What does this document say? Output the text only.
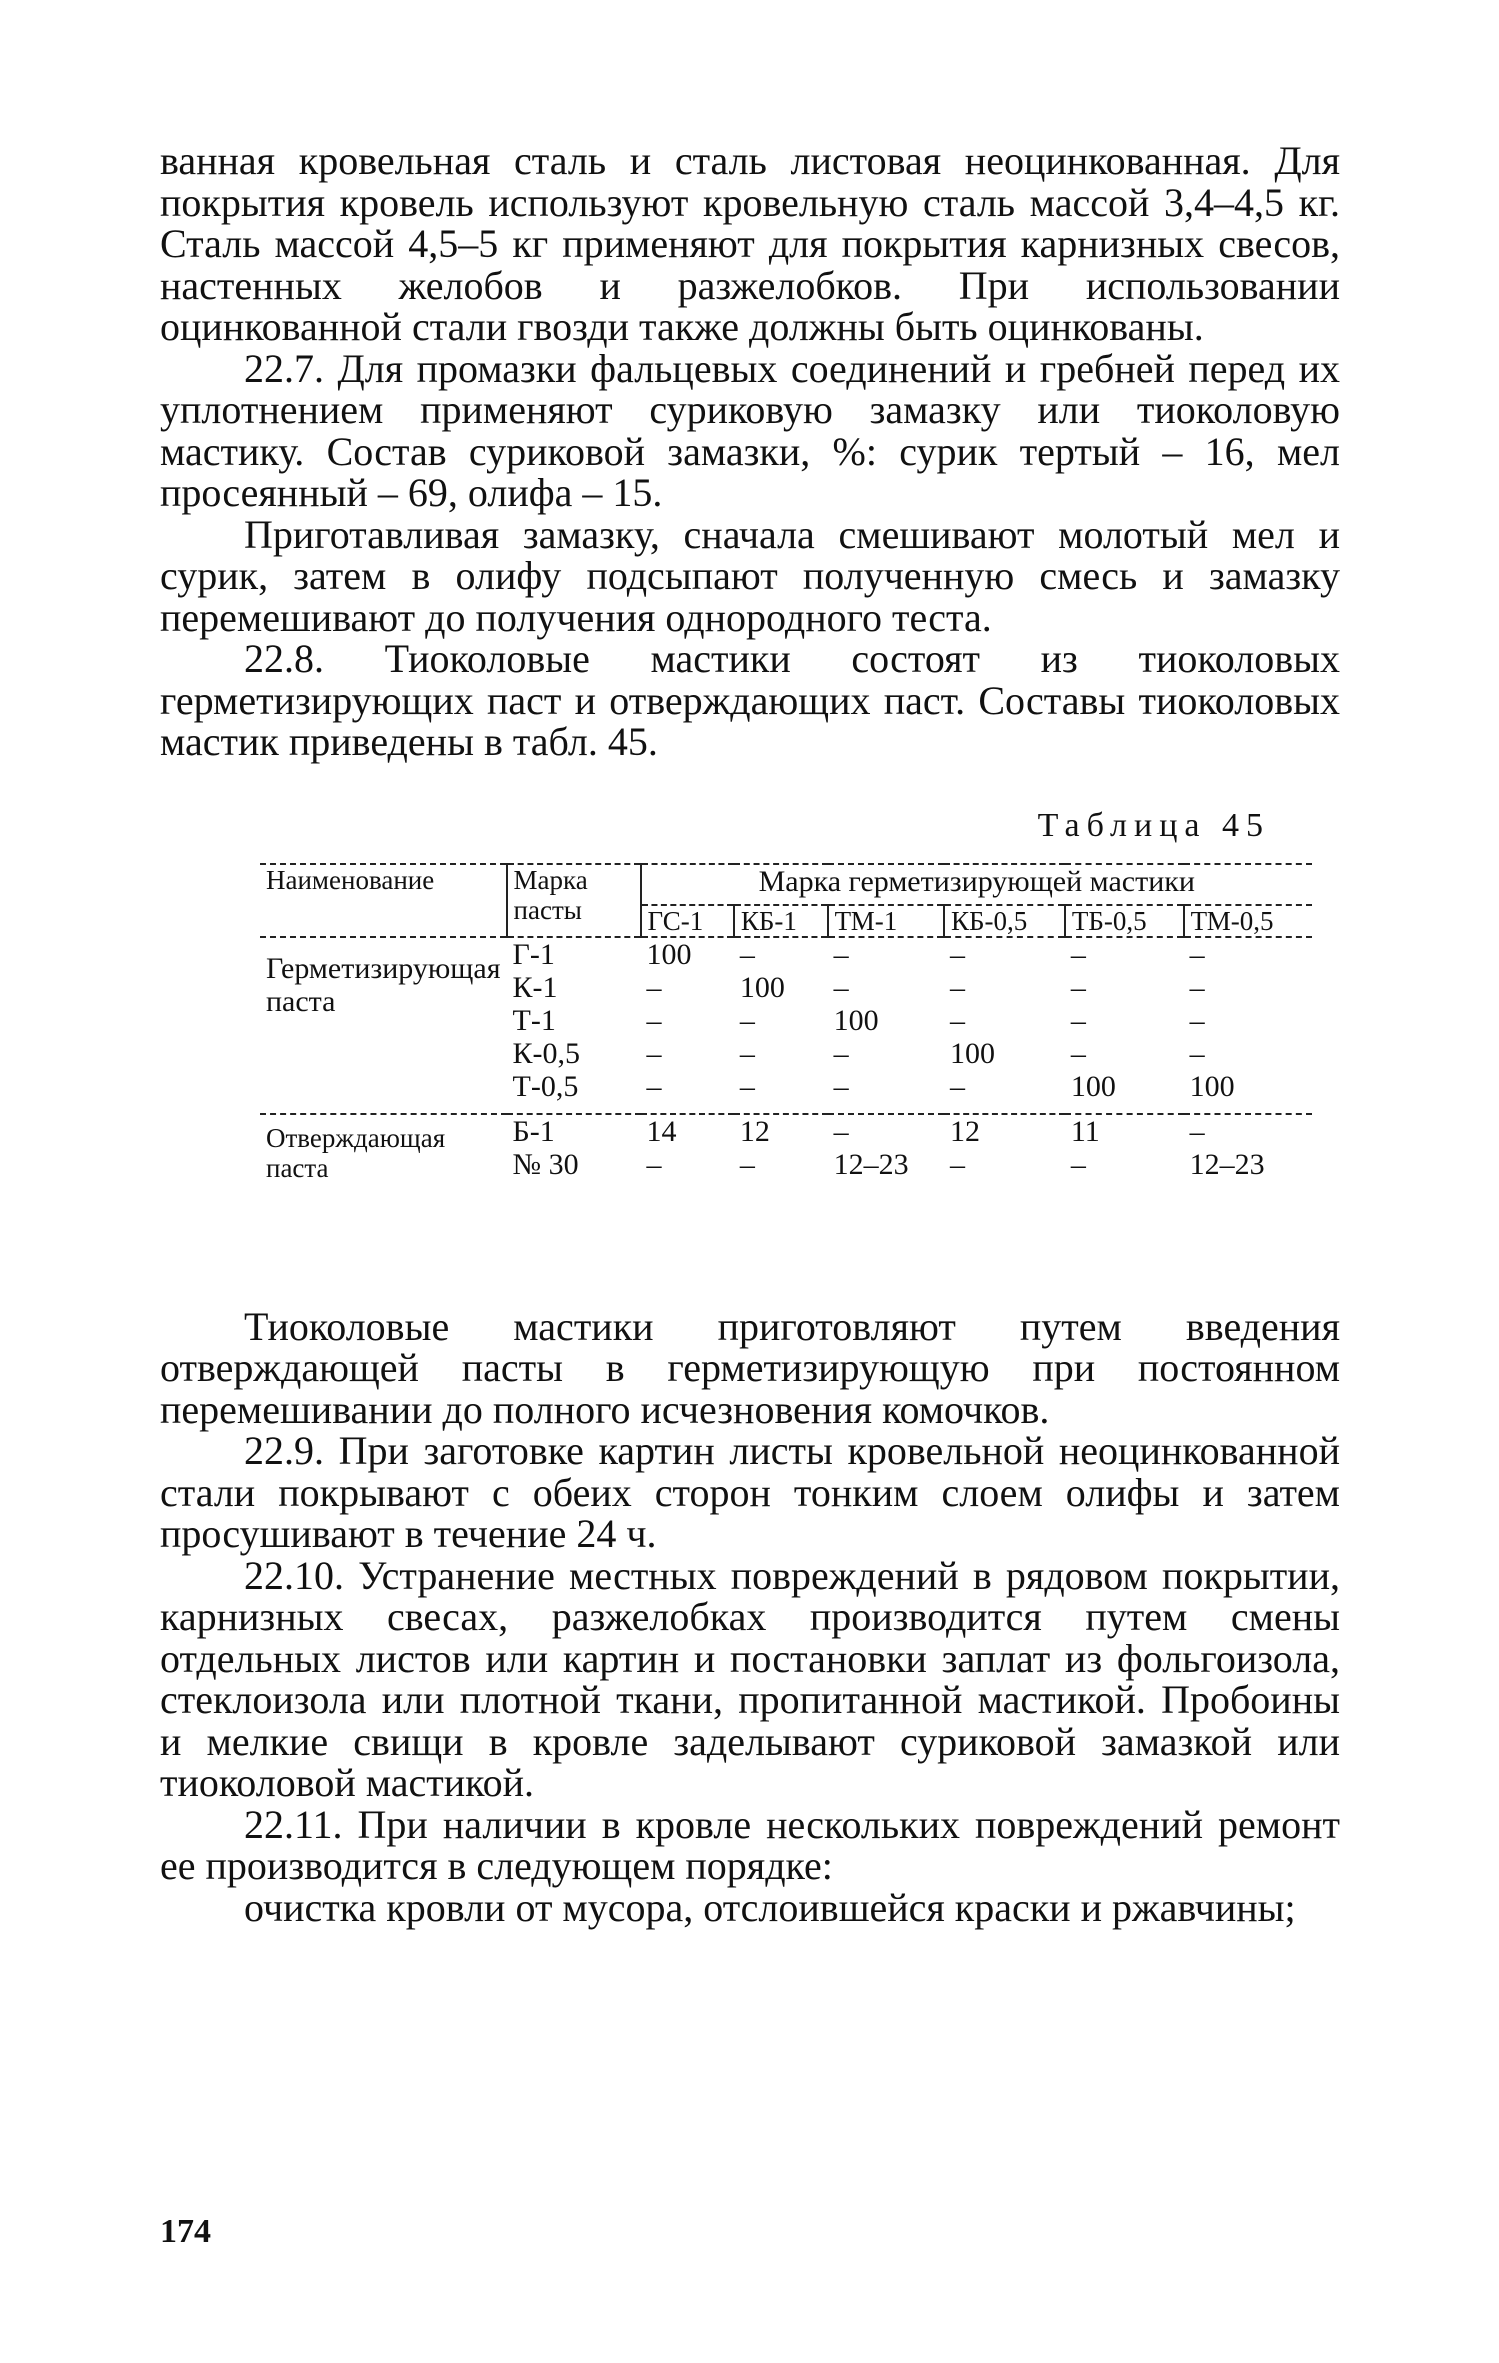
ванная кровельная сталь и сталь листовая неоцинкованная. Для покрытия кровель используют кровельную сталь массой 3,4–4,5 кг. Сталь массой 4,5–5 кг применяют для покрытия карнизных свесов, настенных желобов и разжелобков. При использовании оцинкованной стали гвозди также должны быть оцинкованы.

22.7. Для промазки фальцевых соединений и гребней перед их уплотнением применяют суриковую замазку или тиоколовую мастику. Состав суриковой замазки, %: сурик тертый – 16, мел просеянный – 69, олифа – 15.

Приготавливая замазку, сначала смешивают молотый мел и сурик, затем в олифу подсыпают полученную смесь и замазку перемешивают до получения однородного теста.

22.8. Тиоколовые мастики состоят из тиоколовых герметизирующих паст и отверждающих паст. Составы тиоколовых мастик приведены в табл. 45.

Таблица 45
Наименование	Марка пасты	Марка герметизирующей мастики					
		ГС-1	КБ-1	ТМ-1	КБ-0,5	ТБ-0,5	ТМ-0,5
Герметизирующая паста	Г-1	100	–	–	–	–	–
	К-1	–	100	–	–	–	–
	Т-1	–	–	100	–	–	–
	К-0,5	–	–	–	100	–	–
	Т-0,5	–	–	–	–	100	100
Отверждающая паста	Б-1	14	12	–	12	11	–
	№ 30	–	–	12–23	–	–	12–23

Тиоколовые мастики приготовляют путем введения отверждающей пасты в герметизирующую при постоянном перемешивании до полного исчезновения комочков.

22.9. При заготовке картин листы кровельной неоцинкованной стали покрывают с обеих сторон тонким слоем олифы и затем просушивают в течение 24 ч.

22.10. Устранение местных повреждений в рядовом покрытии, карнизных свесах, разжелобках производится путем смены отдельных листов или картин и постановки заплат из фольгоизола, стеклоизола или плотной ткани, пропитанной мастикой. Пробоины и мелкие свищи в кровле заделывают суриковой замазкой или тиоколовой мастикой.

22.11. При наличии в кровле нескольких повреждений ремонт ее производится в следующем порядке:

очистка кровли от мусора, отслоившейся краски и ржавчины;

174
